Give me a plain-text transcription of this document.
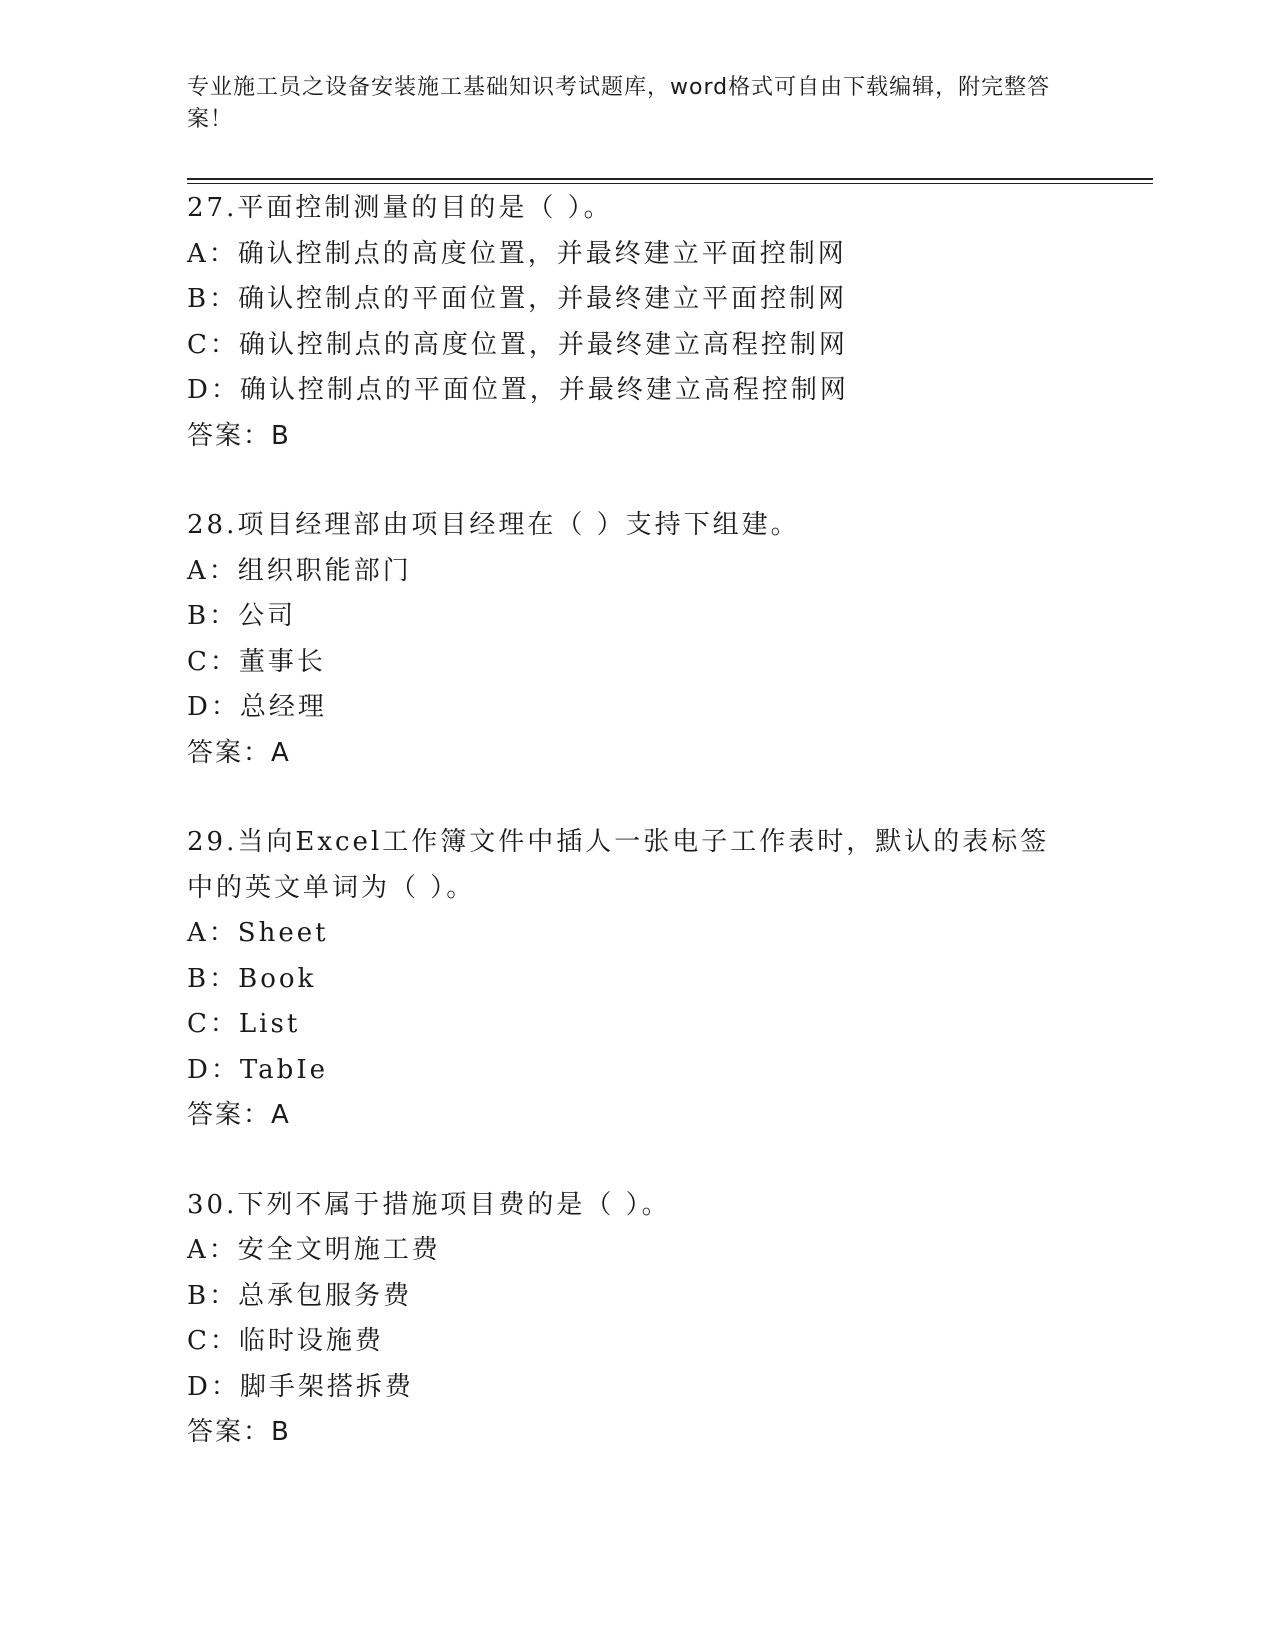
专业施工员之设备安装施工基础知识考试题库，word格式可自由下载编辑，附完整答案！
27.平面控制测量的目的是（ ）。
A：确认控制点的高度位置，并最终建立平面控制网
B：确认控制点的平面位置，并最终建立平面控制网
C：确认控制点的高度位置，并最终建立高程控制网
D：确认控制点的平面位置，并最终建立高程控制网
答案：B
28.项目经理部由项目经理在（ ）支持下组建。
A：组织职能部门
B：公司
C：董事长
D：总经理
答案：A
29.当向Excel工作簿文件中插人一张电子工作表时，默认的表标签中的英文单词为（ ）。
A：Sheet
B：Book
C：List
D：TabIe
答案：A
30.下列不属于措施项目费的是（ ）。
A：安全文明施工费
B：总承包服务费
C：临时设施费
D：脚手架搭拆费
答案：B
